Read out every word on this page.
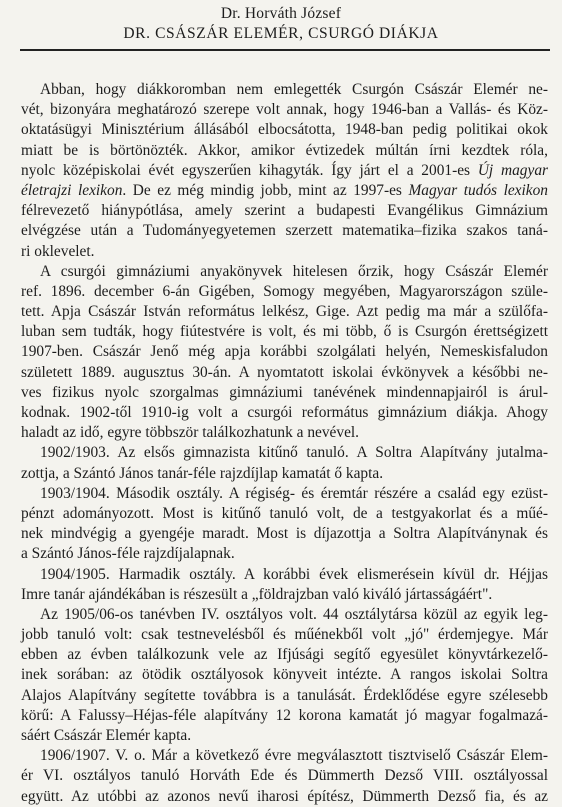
Dr. Horváth József
DR. CSÁSZÁR ELEMÉR, CSURGÓ DIÁKJA
Abban, hogy diákkoromban nem emlegették Csurgón Császár Elemér ne-
vét, bizonyára meghatározó szerepe volt annak, hogy 1946-ban a Vallás- és Köz-
oktatásügyi Minisztérium állásából elbocsátotta, 1948-ban pedig politikai okok
miatt be is börtönözték. Akkor, amikor évtizedek múltán írni kezdtek róla,
nyolc középiskolai évét egyszerűen kihagyták. Így járt el a 2001-es Új magyar
életrajzi lexikon. De ez még mindig jobb, mint az 1997-es Magyar tudós lexikon
félrevezető hiánypótlása, amely szerint a budapesti Evangélikus Gimnázium
elvégzése után a Tudományegyetemen szerzett matematika–fizika szakos taná-
ri oklevelet.
A csurgói gimnáziumi anyakönyvek hitelesen őrzik, hogy Császár Elemér
ref. 1896. december 6-án Gigében, Somogy megyében, Magyarországon szüle-
tett. Apja Császár István református lelkész, Gige. Azt pedig ma már a szülőfa-
luban sem tudták, hogy fiútestvére is volt, és mi több, ő is Csurgón érettségizett
1907-ben. Császár Jenő még apja korábbi szolgálati helyén, Nemeskisfaludon
született 1889. augusztus 30-án. A nyomtatott iskolai évkönyvek a későbbi ne-
ves fizikus nyolc szorgalmas gimnáziumi tanévének mindennapjairól is árul-
kodnak. 1902-től 1910-ig volt a csurgói református gimnázium diákja. Ahogy
haladt az idő, egyre többször találkozhatunk a nevével.
1902/1903. Az elsős gimnazista kitűnő tanuló. A Soltra Alapítvány jutalma-
zottja, a Szántó János tanár-féle rajzdíjlap kamatát ő kapta.
1903/1904. Második osztály. A régiség- és éremtár részére a család egy ezüst-
pénzt adományozott. Most is kitűnő tanuló volt, de a testgyakorlat és a műé-
nek mindvégig a gyengéje maradt. Most is díjazottja a Soltra Alapítványnak és
a Szántó János-féle rajzdíjalapnak.
1904/1905. Harmadik osztály. A korábbi évek elismerésein kívül dr. Héjjas
Imre tanár ajándékában is részesült a „földrajzban való kiváló jártasságáért".
Az 1905/06-os tanévben IV. osztályos volt. 44 osztálytársa közül az egyik leg-
jobb tanuló volt: csak testnevelésből és műénekből volt „jó" érdemjegye. Már
ebben az évben találkozunk vele az Ifjúsági segítő egyesület könyvtárkezelő-
inek sorában: az ötödik osztályosok könyveit intézte. A rangos iskolai Soltra
Alajos Alapítvány segítette továbbra is a tanulását. Érdeklődése egyre szélesebb
körű: A Falussy–Héjas-féle alapítvány 12 korona kamatát jó magyar fogalmazá-
sáért Császár Elemér kapta.
1906/1907. V. o. Már a következő évre megválasztott tisztviselő Császár Elem-
ér VI. osztályos tanuló Horváth Ede és Dümmerth Dezső VIII. osztályossal
együtt. Az utóbbi az azonos nevű iharosi építész, Dümmerth Dezső fia, és az
